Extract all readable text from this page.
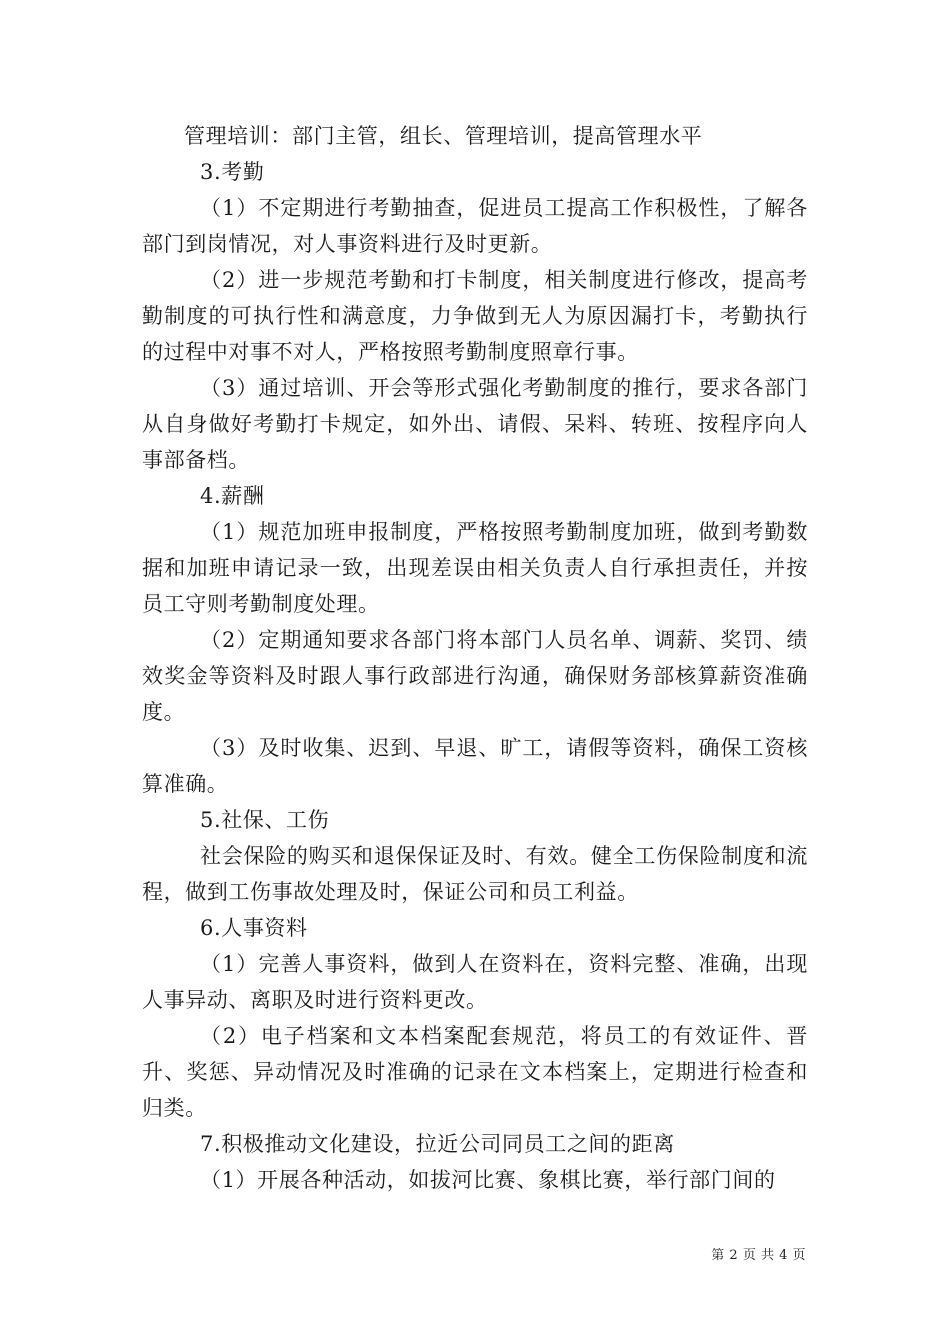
管理培训：部门主管，组长、管理培训，提高管理水平

3.考勤

（1）不定期进行考勤抽查，促进员工提高工作积极性，了解各部门到岗情况，对人事资料进行及时更新。

（2）进一步规范考勤和打卡制度，相关制度进行修改，提高考勤制度的可执行性和满意度，力争做到无人为原因漏打卡，考勤执行的过程中对事不对人，严格按照考勤制度照章行事。

（3）通过培训、开会等形式强化考勤制度的推行，要求各部门从自身做好考勤打卡规定，如外出、请假、呆料、转班、按程序向人事部备档。

4.薪酬

（1）规范加班申报制度，严格按照考勤制度加班，做到考勤数据和加班申请记录一致，出现差误由相关负责人自行承担责任，并按员工守则考勤制度处理。

（2）定期通知要求各部门将本部门人员名单、调薪、奖罚、绩效奖金等资料及时跟人事行政部进行沟通，确保财务部核算薪资准确度。

（3）及时收集、迟到、早退、旷工，请假等资料，确保工资核算准确。

5.社保、工伤

社会保险的购买和退保保证及时、有效。健全工伤保险制度和流程，做到工伤事故处理及时，保证公司和员工利益。

6.人事资料

（1）完善人事资料，做到人在资料在，资料完整、准确，出现人事异动、离职及时进行资料更改。

（2）电子档案和文本档案配套规范，将员工的有效证件、晋升、奖惩、异动情况及时准确的记录在文本档案上，定期进行检查和归类。

7.积极推动文化建设，拉近公司同员工之间的距离

（1）开展各种活动，如拔河比赛、象棋比赛，举行部门间的

第 2 页 共 4 页
